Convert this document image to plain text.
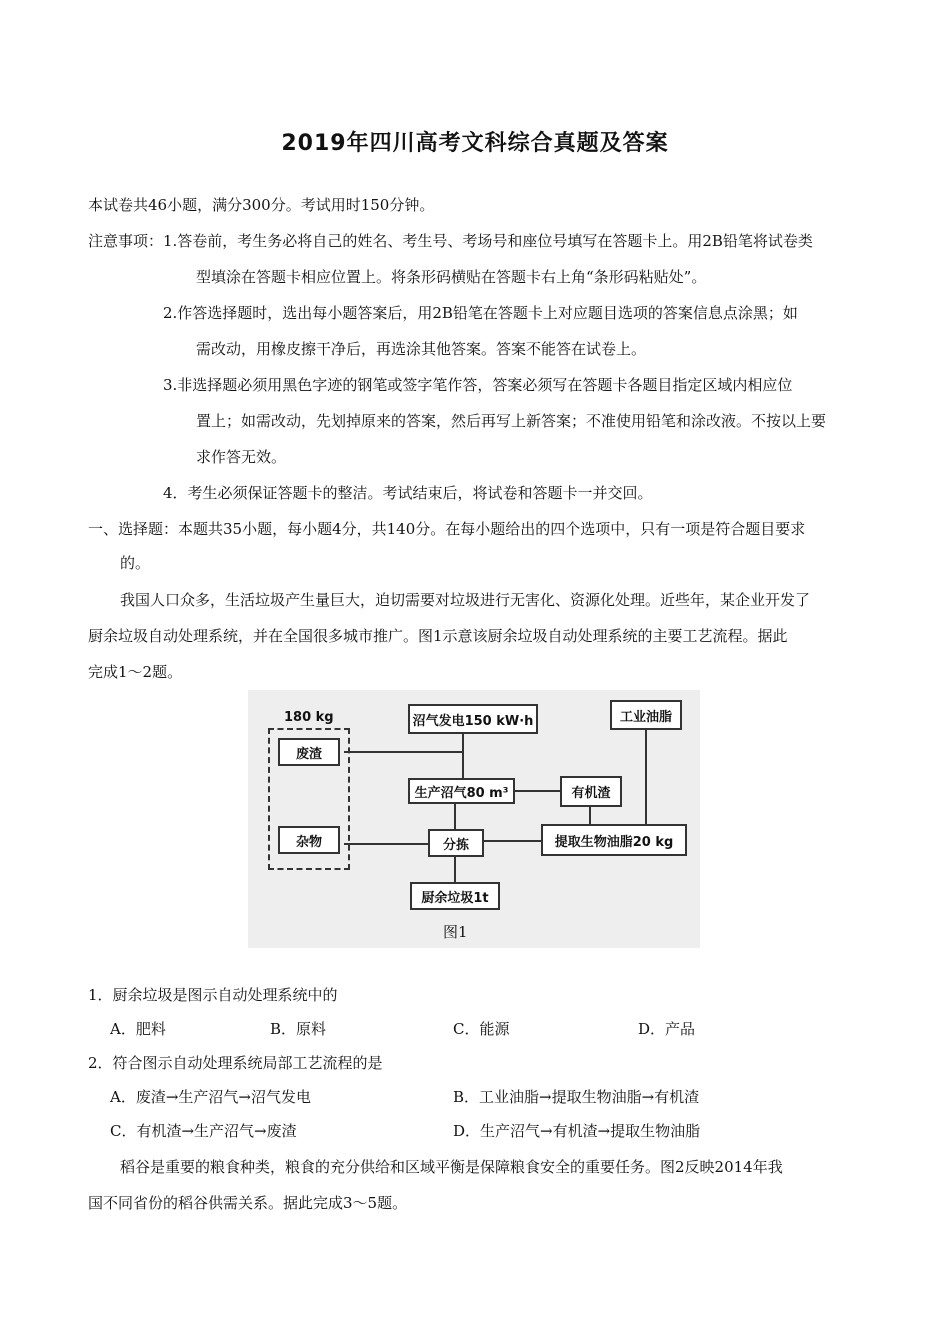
2019年四川高考文科综合真题及答案
本试卷共46小题，满分300分。考试用时150分钟。
注意事项： 1.答卷前，考生务必将自己的姓名、考生号、考场号和座位号填写在答题卡上。用2B铅笔将试卷类
型填涂在答题卡相应位置上。将条形码横贴在答题卡右上角“条形码粘贴处”。
2.作答选择题时，选出每小题答案后，用2B铅笔在答题卡上对应题目选项的答案信息点涂黑；如
需改动，用橡皮擦干净后，再选涂其他答案。答案不能答在试卷上。
3.非选择题必须用黑色字迹的钢笔或签字笔作答，答案必须写在答题卡各题目指定区域内相应位
置上；如需改动，先划掉原来的答案，然后再写上新答案；不准使用铅笔和涂改液。不按以上要
求作答无效。
4．考生必须保证答题卡的整洁。考试结束后，将试卷和答题卡一并交回。
一、选择题：本题共35小题，每小题4分，共140分。在每小题给出的四个选项中，只有一项是符合题目要求
的。
我国人口众多，生活垃圾产生量巨大，迫切需要对垃圾进行无害化、资源化处理。近些年，某企业开发了
厨余垃圾自动处理系统，并在全国很多城市推广。图1示意该厨余垃圾自动处理系统的主要工艺流程。据此
完成1～2题。
180 kg
废渣
杂物
沼气发电150 kW·h	工业油脂
生产沼气80 m³	有机渣
分拣	提取生物油脂20 kg
厨余垃圾1t
图1
1．厨余垃圾是图示自动处理系统中的
A．肥料	B．原料	C．能源	D．产品
2．符合图示自动处理系统局部工艺流程的是
A．废渣→生产沼气→沼气发电	B．工业油脂→提取生物油脂→有机渣
C．有机渣→生产沼气→废渣	D．生产沼气→有机渣→提取生物油脂
稻谷是重要的粮食种类，粮食的充分供给和区域平衡是保障粮食安全的重要任务。图2反映2014年我
国不同省份的稻谷供需关系。据此完成3～5题。
